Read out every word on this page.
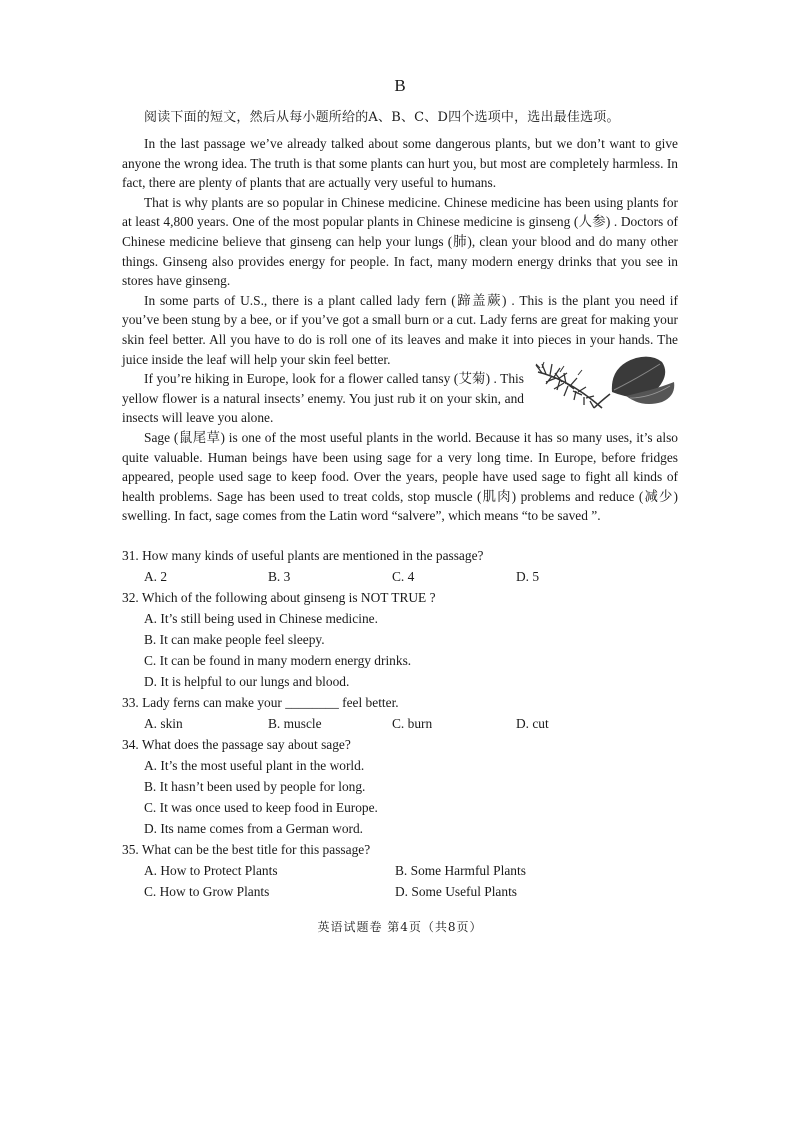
B
阅读下面的短文，然后从每小题所给的A、B、C、D四个选项中，选出最佳选项。

In the last passage we’ve already talked about some dangerous plants, but we don’t want to give anyone the wrong idea. The truth is that some plants can hurt you, but most are completely harmless. In fact, there are plenty of plants that are actually very useful to humans.

That is why plants are so popular in Chinese medicine. Chinese medicine has been using plants for at least 4,800 years. One of the most popular plants in Chinese medicine is ginseng (人参) . Doctors of Chinese medicine believe that ginseng can help your lungs (肺), clean your blood and do many other things. Ginseng also provides energy for people. In fact, many modern energy drinks that you see in stores have ginseng.

In some parts of U.S., there is a plant called lady fern (蹄盖蕨) . This is the plant you need if you’ve been stung by a bee, or if you’ve got a small burn or a cut. Lady ferns are great for making your skin feel better. All you have to do is roll one of its leaves and make it into pieces in your hands. The juice inside the leaf will help your skin feel better.

If you’re hiking in Europe, look for a flower called tansy (艾菊) . This yellow flower is a natural insects’ enemy. You just rub it on your skin, and insects will leave you alone.

Sage (鼠尾草) is one of the most useful plants in the world. Because it has so many uses, it’s also quite valuable. Human beings have been using sage for a very long time. In Europe, before fridges appeared, people used sage to keep food. Over the years, people have used sage to fight all kinds of health problems. Sage has been used to treat colds, stop muscle (肌肉) problems and reduce (减少) swelling. In fact, sage comes from the Latin word “salvere”, which means “to be saved ”.

31. How many kinds of useful plants are mentioned in the passage?
A. 2	B. 3	C. 4	D. 5
32. Which of the following about ginseng is NOT TRUE ?
A. It’s still being used in Chinese medicine.
B. It can make people feel sleepy.
C. It can be found in many modern energy drinks.
D. It is helpful to our lungs and blood.
33. Lady ferns can make your ________ feel better.
A. skin	B. muscle	C. burn	D. cut
34. What does the passage say about sage?
A. It’s the most useful plant in the world.
B. It hasn’t been used by people for long.
C. It was once used to keep food in Europe.
D. Its name comes from a German word.
35. What can be the best title for this passage?
A. How to Protect Plants	B. Some Harmful Plants
C. How to Grow Plants	D. Some Useful Plants
英语试题卷 第4页（共8页）
